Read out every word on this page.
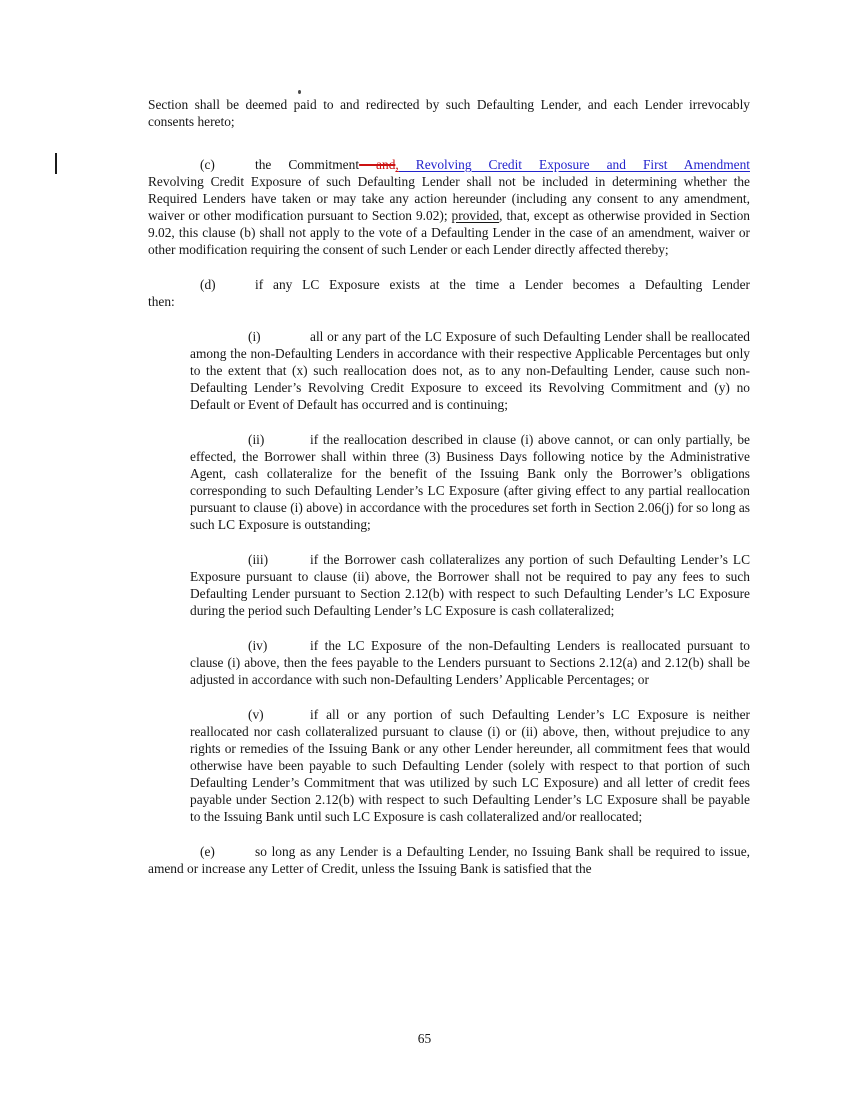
Section shall be deemed paid to and redirected by such Defaulting Lender, and each Lender irrevocably consents hereto;

(c)	the Commitment and, Revolving Credit Exposure and First Amendment

Revolving Credit Exposure of such Defaulting Lender shall not be included in determining whether the Required Lenders have taken or may take any action hereunder (including any consent to any amendment, waiver or other modification pursuant to Section 9.02); provided, that, except as otherwise provided in Section 9.02, this clause (b) shall not apply to the vote of a Defaulting Lender in the case of an amendment, waiver or other modification requiring the consent of such Lender or each Lender directly affected thereby;

(d)	if any LC Exposure exists at the time a Lender becomes a Defaulting Lender

then:

(i)	all or any part of the LC Exposure of such Defaulting Lender shall be reallocated among the non-Defaulting Lenders in accordance with their respective Applicable Percentages but only to the extent that (x) such reallocation does not, as to any non-Defaulting Lender, cause such non-Defaulting Lender’s Revolving Credit Exposure to exceed its Revolving Commitment and (y) no Default or Event of Default has occurred and is continuing;

(ii)	if the reallocation described in clause (i) above cannot, or can only partially, be effected, the Borrower shall within three (3) Business Days following notice by the Administrative Agent, cash collateralize for the benefit of the Issuing Bank only the Borrower’s obligations corresponding to such Defaulting Lender’s LC Exposure (after giving effect to any partial reallocation pursuant to clause (i) above) in accordance with the procedures set forth in Section 2.06(j) for so long as such LC Exposure is outstanding;

(iii)	if the Borrower cash collateralizes any portion of such Defaulting Lender’s LC Exposure pursuant to clause (ii) above, the Borrower shall not be required to pay any fees to such Defaulting Lender pursuant to Section 2.12(b) with respect to such Defaulting Lender’s LC Exposure during the period such Defaulting Lender’s LC Exposure is cash collateralized;

(iv)	if the LC Exposure of the non-Defaulting Lenders is reallocated pursuant to clause (i) above, then the fees payable to the Lenders pursuant to Sections 2.12(a) and 2.12(b) shall be adjusted in accordance with such non-Defaulting Lenders’ Applicable Percentages; or

(v)	if all or any portion of such Defaulting Lender’s LC Exposure is neither reallocated nor cash collateralized pursuant to clause (i) or (ii) above, then, without prejudice to any rights or remedies of the Issuing Bank or any other Lender hereunder, all commitment fees that would otherwise have been payable to such Defaulting Lender (solely with respect to that portion of such Defaulting Lender’s Commitment that was utilized by such LC Exposure) and all letter of credit fees payable under Section 2.12(b) with respect to such Defaulting Lender’s LC Exposure shall be payable to the Issuing Bank until such LC Exposure is cash collateralized and/or reallocated;

(e)	so long as any Lender is a Defaulting Lender, no Issuing Bank shall be required to issue, amend or increase any Letter of Credit, unless the Issuing Bank is satisfied that the

65
